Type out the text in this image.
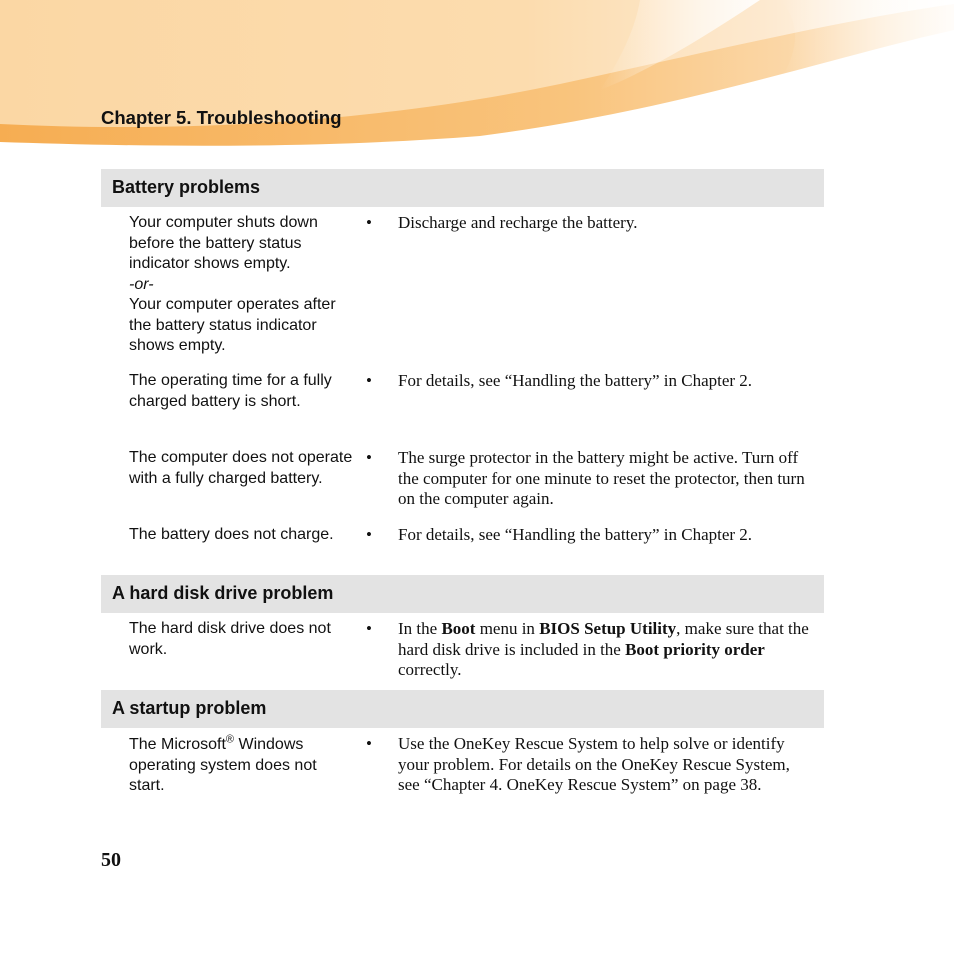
Chapter 5. Troubleshooting
Battery problems
Your computer shuts down before the battery status indicator shows empty.
-or-
Your computer operates after the battery status indicator shows empty.
• Discharge and recharge the battery.
The operating time for a fully charged battery is short.
• For details, see “Handling the battery” in Chapter 2.
The computer does not operate with a fully charged battery.
• The surge protector in the battery might be active. Turn off the computer for one minute to reset the protector, then turn on the computer again.
The battery does not charge.	• For details, see “Handling the battery” in Chapter 2.
A hard disk drive problem
The hard disk drive does not work.
• In the Boot menu in BIOS Setup Utility, make sure that the hard disk drive is included in the Boot priority order correctly.
A startup problem
The Microsoft® Windows operating system does not start.
• Use the OneKey Rescue System to help solve or identify your problem. For details on the OneKey Rescue System, see “Chapter 4. OneKey Rescue System” on page 38.
50
